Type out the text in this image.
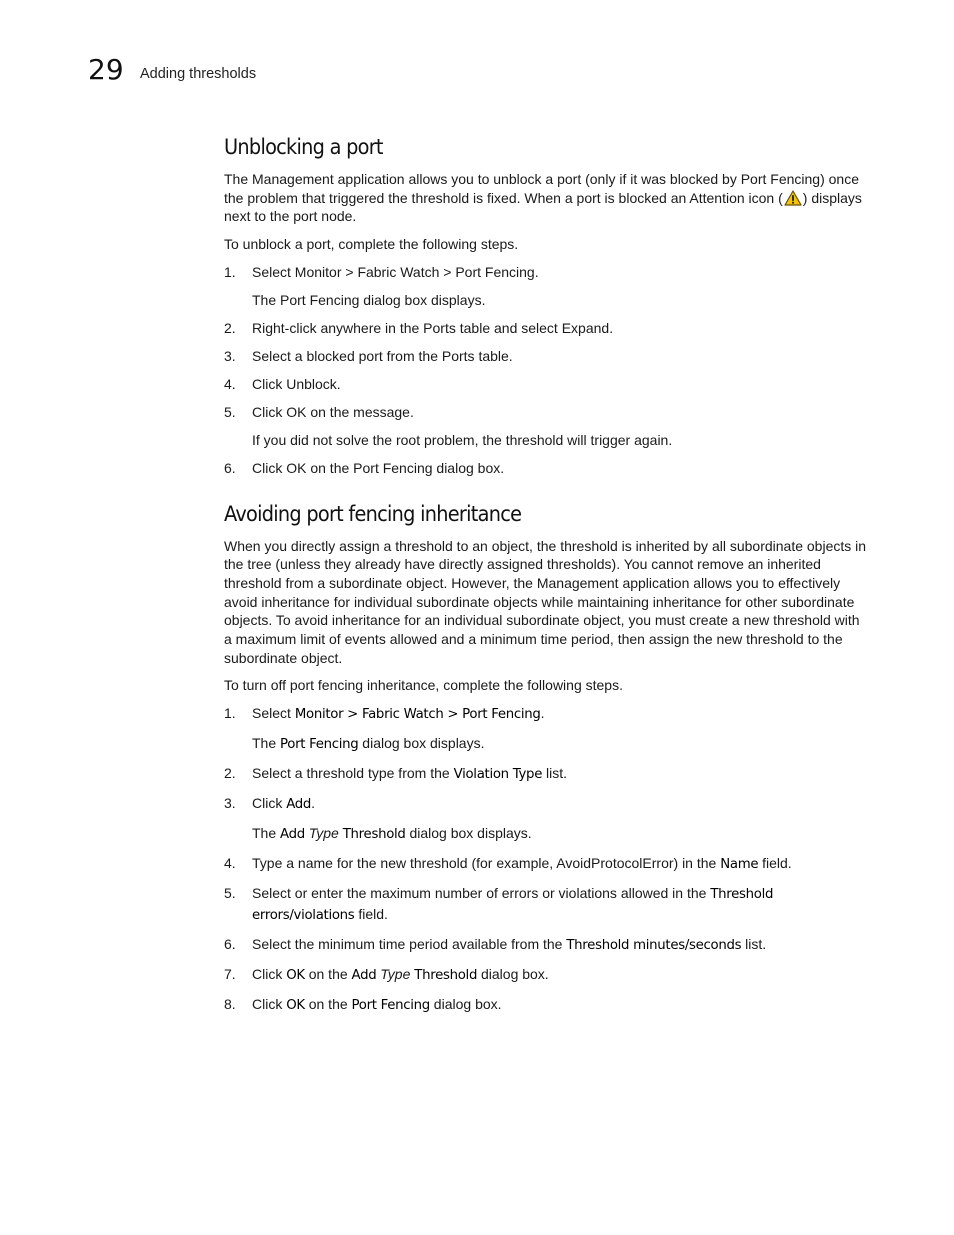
29 Adding thresholds
Unblocking a port

The Management application allows you to unblock a port (only if it was blocked by Port Fencing) once the problem that triggered the threshold is fixed. When a port is blocked an Attention icon ( ) displays next to the port node.

To unblock a port, complete the following steps.

1. Select Monitor > Fabric Watch > Port Fencing.
The Port Fencing dialog box displays.
2. Right-click anywhere in the Ports table and select Expand.
3. Select a blocked port from the Ports table.
4. Click Unblock.
5. Click OK on the message.
If you did not solve the root problem, the threshold will trigger again.
6. Click OK on the Port Fencing dialog box.
Avoiding port fencing inheritance

When you directly assign a threshold to an object, the threshold is inherited by all subordinate objects in the tree (unless they already have directly assigned thresholds). You cannot remove an inherited threshold from a subordinate object. However, the Management application allows you to effectively avoid inheritance for individual subordinate objects while maintaining inheritance for other subordinate objects. To avoid inheritance for an individual subordinate object, you must create a new threshold with a maximum limit of events allowed and a minimum time period, then assign the new threshold to the subordinate object.

To turn off port fencing inheritance, complete the following steps.

1. Select Monitor > Fabric Watch > Port Fencing.
The Port Fencing dialog box displays.
2. Select a threshold type from the Violation Type list.
3. Click Add.
The Add Type Threshold dialog box displays.
4. Type a name for the new threshold (for example, AvoidProtocolError) in the Name field.
5. Select or enter the maximum number of errors or violations allowed in the Threshold errors/violations field.
6. Select the minimum time period available from the Threshold minutes/seconds list.
7. Click OK on the Add Type Threshold dialog box.
8. Click OK on the Port Fencing dialog box.
